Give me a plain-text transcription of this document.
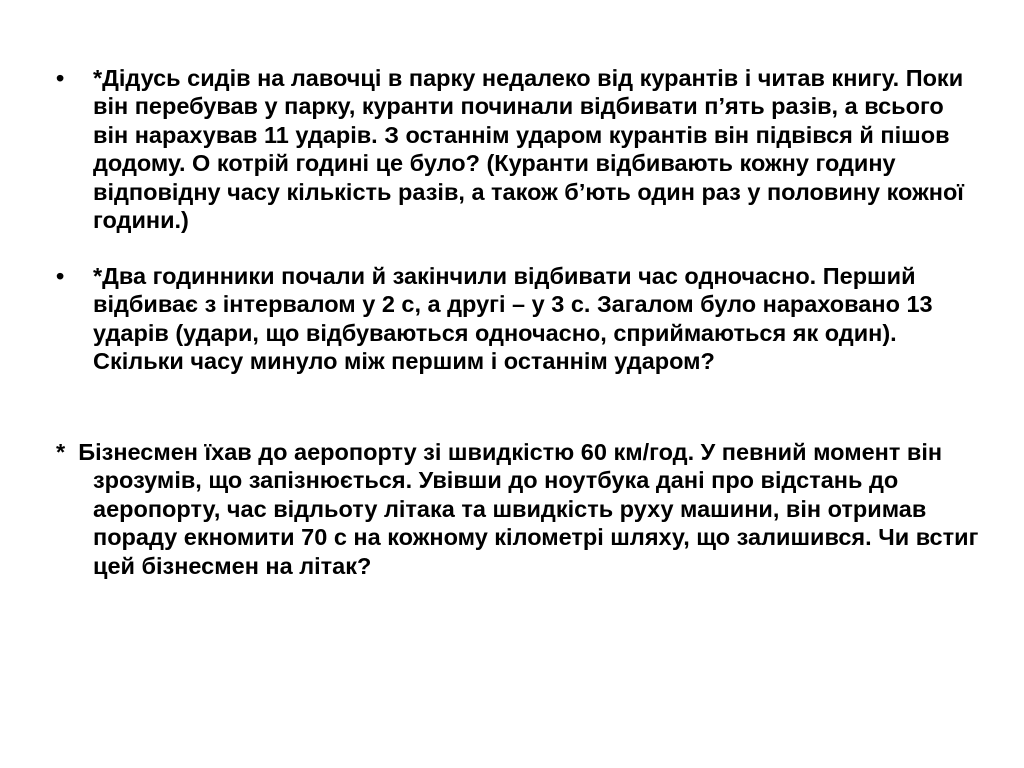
• *Дідусь сидів на лавочці в парку недалеко від курантів і читав книгу. Поки він перебував у парку, куранти починали відбивати п’ять разів, а всього він нарахував 11 ударів. З останнім ударом курантів він підвівся й пішов додому. О котрій годині це було? (Куранти відбивають кожну годину відповідну часу кількість разів, а також б’ють один раз у половину кожної години.)
• *Два годинники почали й закінчили відбивати час одночасно. Перший відбиває з інтервалом у 2 с, а другі – у 3 с. Загалом було нараховано 13 ударів (удари, що відбуваються одночасно, сприймаються як один). Скільки часу минуло між першим і останнім ударом?
* Бізнесмен їхав до аеропорту зі швидкістю 60 км/год. У певний момент він зрозумів, що запізнюється. Увівши до ноутбука дані про відстань до аеропорту, час відльоту літака та швидкість руху машини, він отримав пораду екномити 70 с на кожному кілометрі шляху, що залишився. Чи встиг цей бізнесмен на літак?
